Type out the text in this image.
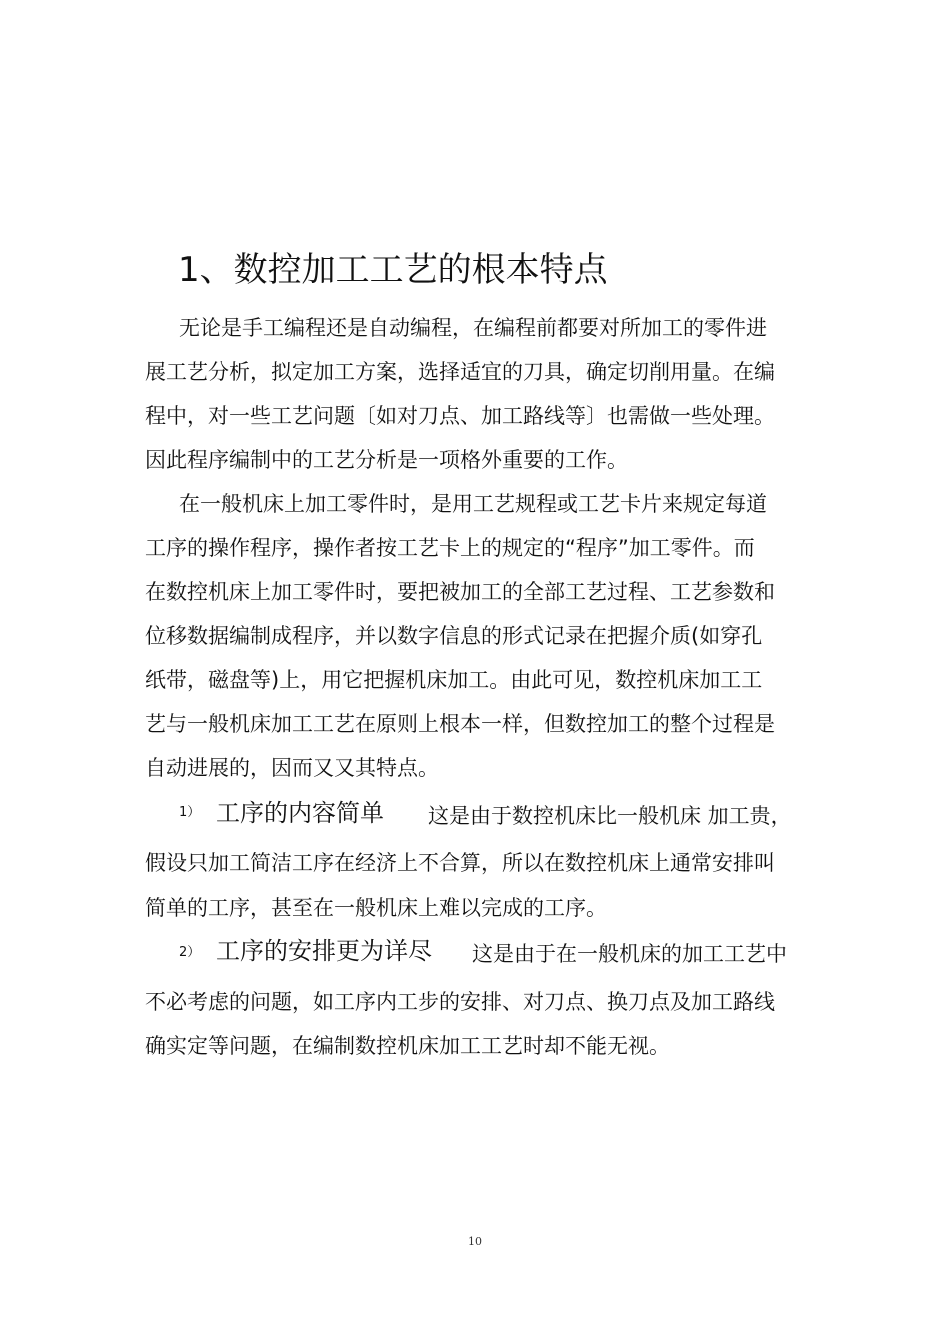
1、数控加工工艺的根本特点
无论是手工编程还是自动编程，在编程前都要对所加工的零件进
展工艺分析，拟定加工方案，选择适宜的刀具，确定切削用量。在编
程中，对一些工艺问题〔如对刀点、加工路线等〕也需做一些处理。
因此程序编制中的工艺分析是一项格外重要的工作。
在一般机床上加工零件时，是用工艺规程或工艺卡片来规定每道
工序的操作程序，操作者按工艺卡上的规定的“程序”加工零件。而
在数控机床上加工零件时，要把被加工的全部工艺过程、工艺参数和
位移数据编制成程序，并以数字信息的形式记录在把握介质(如穿孔
纸带，磁盘等)上，用它把握机床加工。由此可见，数控机床加工工
艺与一般机床加工工艺在原则上根本一样，但数控加工的整个过程是
自动进展的，因而又又其特点。
1） 工序的内容简单 这是由于数控机床比一般机床 加工贵，
假设只加工简洁工序在经济上不合算，所以在数控机床上通常安排叫
简单的工序，甚至在一般机床上难以完成的工序。
2） 工序的安排更为详尽 这是由于在一般机床的加工工艺中
不必考虑的问题，如工序内工步的安排、对刀点、换刀点及加工路线
确实定等问题，在编制数控机床加工工艺时却不能无视。
10
